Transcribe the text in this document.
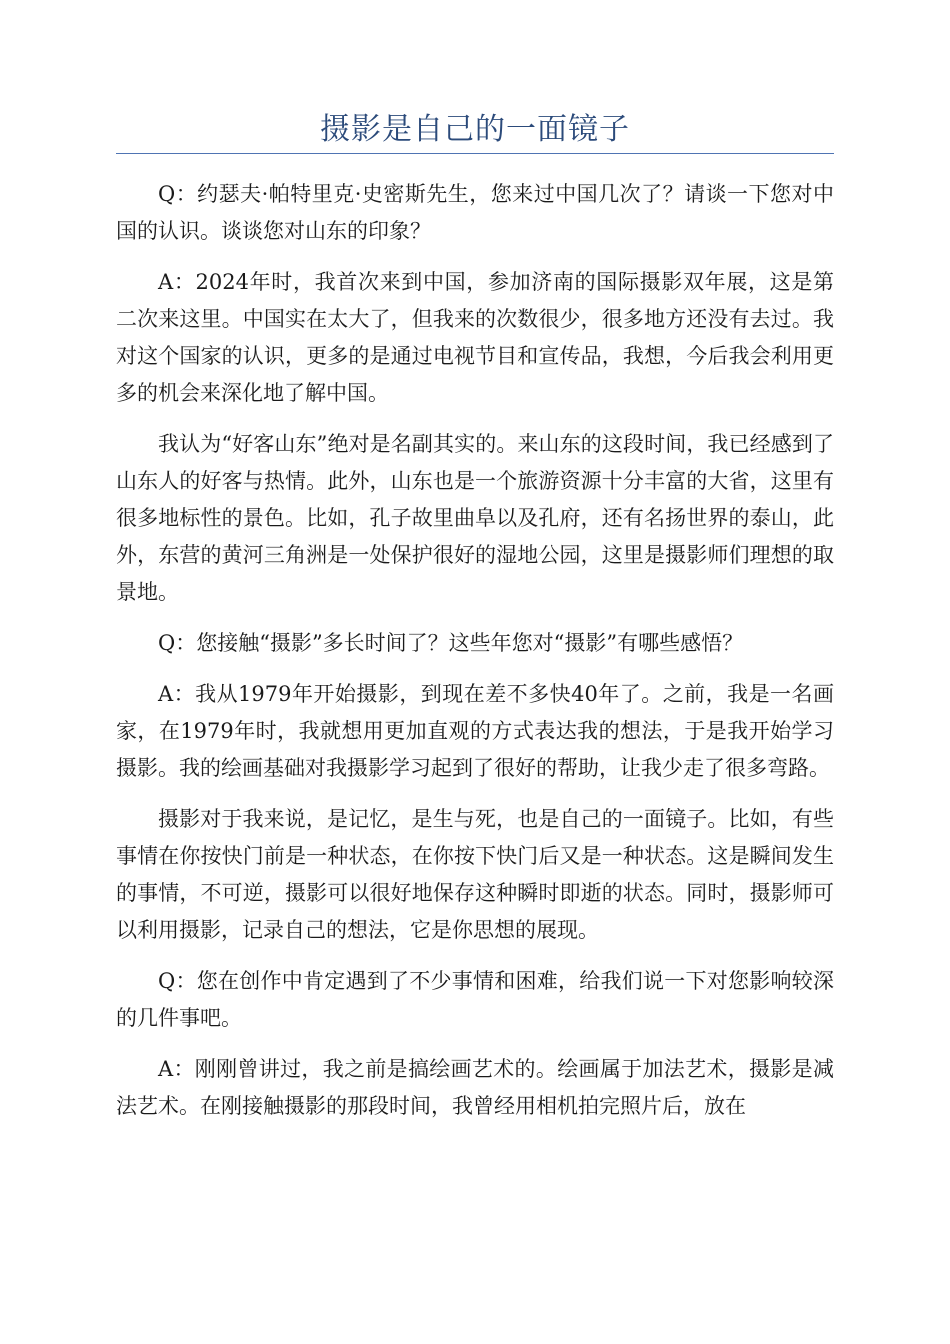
摄影是自己的一面镜子

Q：约瑟夫·帕特里克·史密斯先生，您来过中国几次了？请谈一下您对中国的认识。谈谈您对山东的印象？

A：2024年时，我首次来到中国，参加济南的国际摄影双年展，这是第二次来这里。中国实在太大了，但我来的次数很少，很多地方还没有去过。我对这个国家的认识，更多的是通过电视节目和宣传品，我想，今后我会利用更多的机会来深化地了解中国。

我认为“好客山东”绝对是名副其实的。来山东的这段时间，我已经感到了山东人的好客与热情。此外，山东也是一个旅游资源十分丰富的大省，这里有很多地标性的景色。比如，孔子故里曲阜以及孔府，还有名扬世界的泰山，此外，东营的黄河三角洲是一处保护很好的湿地公园，这里是摄影师们理想的取景地。

Q：您接触“摄影”多长时间了？这些年您对“摄影”有哪些感悟？

A：我从1979年开始摄影，到现在差不多快40年了。之前，我是一名画家，在1979年时，我就想用更加直观的方式表达我的想法，于是我开始学习摄影。我的绘画基础对我摄影学习起到了很好的帮助，让我少走了很多弯路。

摄影对于我来说，是记忆，是生与死，也是自己的一面镜子。比如，有些事情在你按快门前是一种状态，在你按下快门后又是一种状态。这是瞬间发生的事情，不可逆，摄影可以很好地保存这种瞬时即逝的状态。同时，摄影师可以利用摄影，记录自己的想法，它是你思想的展现。

Q：您在创作中肯定遇到了不少事情和困难，给我们说一下对您影响较深的几件事吧。

A：刚刚曾讲过，我之前是搞绘画艺术的。绘画属于加法艺术，摄影是减法艺术。在刚接触摄影的那段时间，我曾经用相机拍完照片后，放在
